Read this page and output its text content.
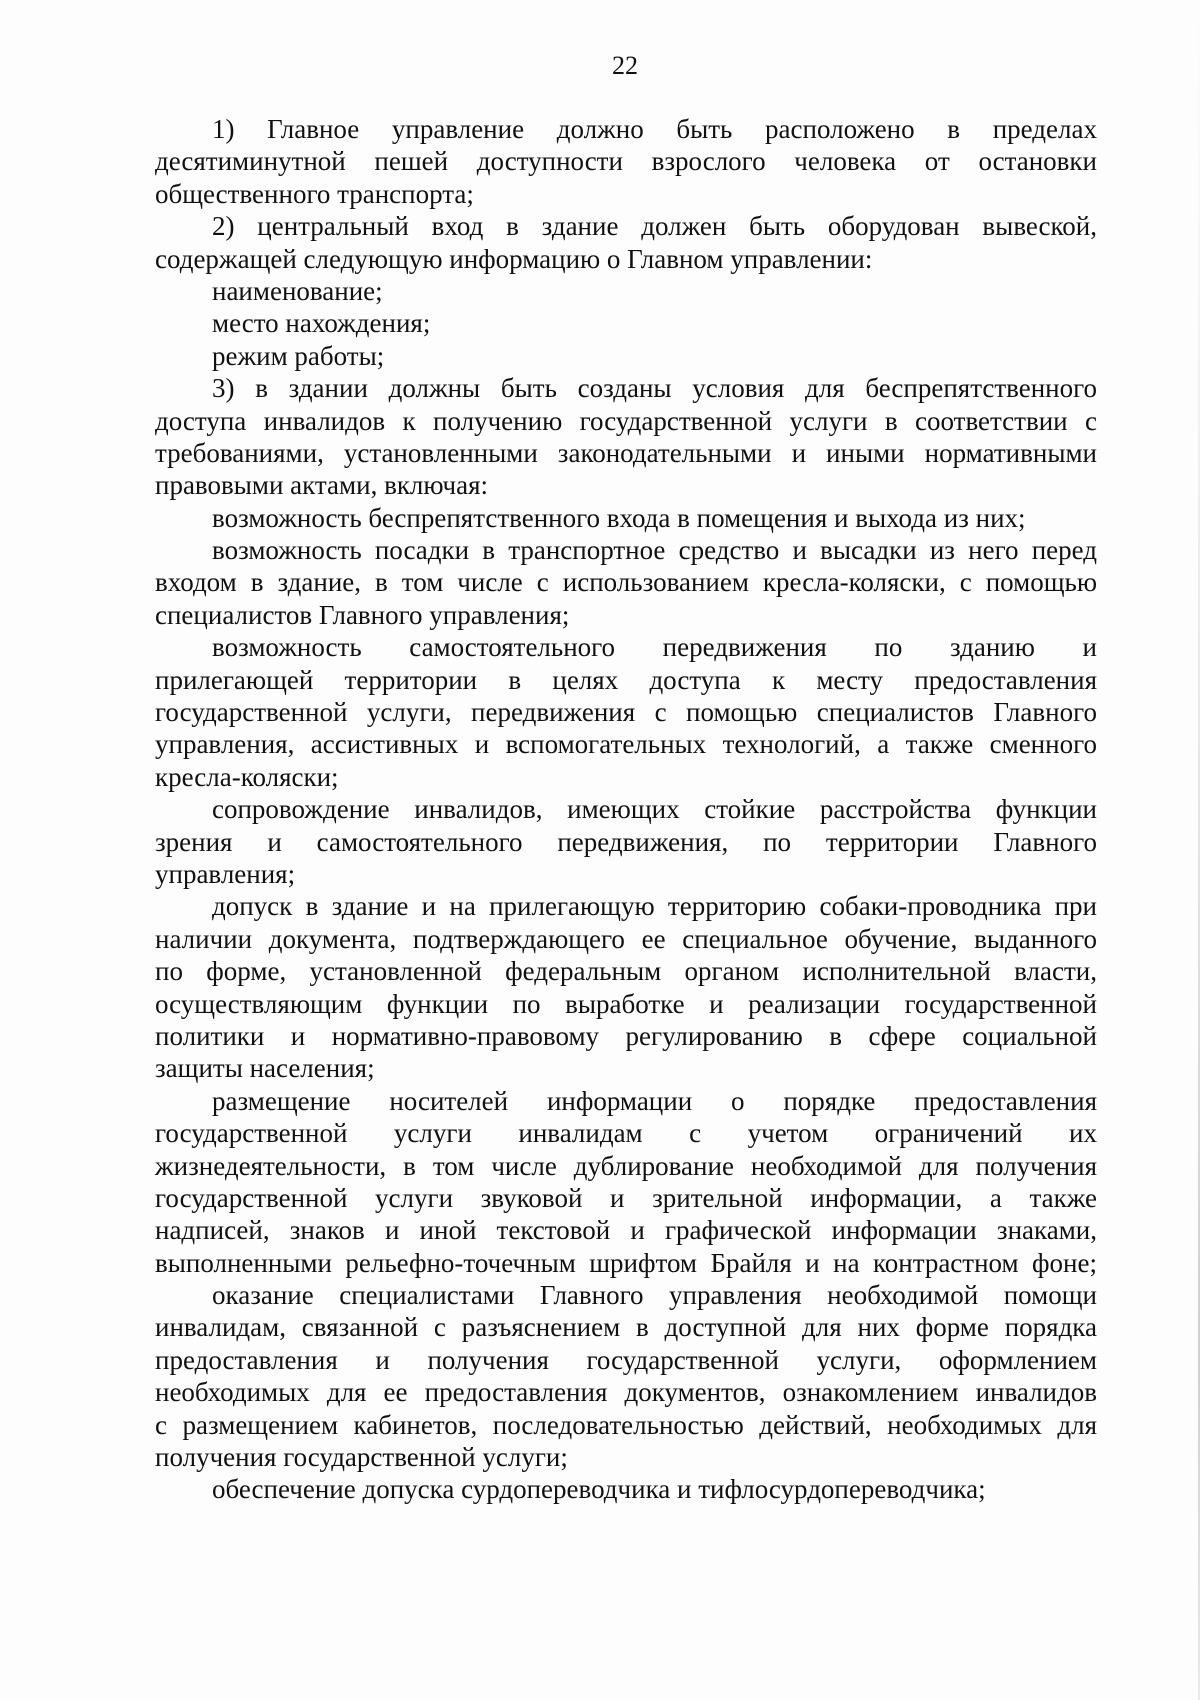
22

1) Главное управление должно быть расположено в пределах
десятиминутной пешей доступности взрослого человека от остановки
общественного транспорта;

2) центральный вход в здание должен быть оборудован вывеской,
содержащей следующую информацию о Главном управлении:

наименование;

место нахождения;

режим работы;

3) в здании должны быть созданы условия для беспрепятственного
доступа инвалидов к получению государственной услуги в соответствии с
требованиями, установленными законодательными и иными нормативными
правовыми актами, включая:

возможность беспрепятственного входа в помещения и выхода из них;

возможность посадки в транспортное средство и высадки из него перед
входом в здание, в том числе с использованием кресла-коляски, с помощью
специалистов Главного управления;

возможность самостоятельного передвижения по зданию и
прилегающей территории в целях доступа к месту предоставления
государственной услуги, передвижения с помощью специалистов Главного
управления, ассистивных и вспомогательных технологий, а также сменного
кресла-коляски;

сопровождение инвалидов, имеющих стойкие расстройства функции
зрения и самостоятельного передвижения, по территории Главного
управления;

допуск в здание и на прилегающую территорию собаки-проводника при
наличии документа, подтверждающего ее специальное обучение, выданного
по форме, установленной федеральным органом исполнительной власти,
осуществляющим функции по выработке и реализации государственной
политики и нормативно-правовому регулированию в сфере социальной
защиты населения;

размещение носителей информации о порядке предоставления
государственной услуги инвалидам с учетом ограничений их
жизнедеятельности, в том числе дублирование необходимой для получения
государственной услуги звуковой и зрительной информации, а также
надписей, знаков и иной текстовой и графической информации знаками,
выполненными рельефно-точечным шрифтом Брайля и на контрастном фоне;

оказание специалистами Главного управления необходимой помощи
инвалидам, связанной с разъяснением в доступной для них форме порядка
предоставления и получения государственной услуги, оформлением
необходимых для ее предоставления документов, ознакомлением инвалидов
с размещением кабинетов, последовательностью действий, необходимых для
получения государственной услуги;

обеспечение допуска сурдопереводчика и тифлосурдопереводчика;
